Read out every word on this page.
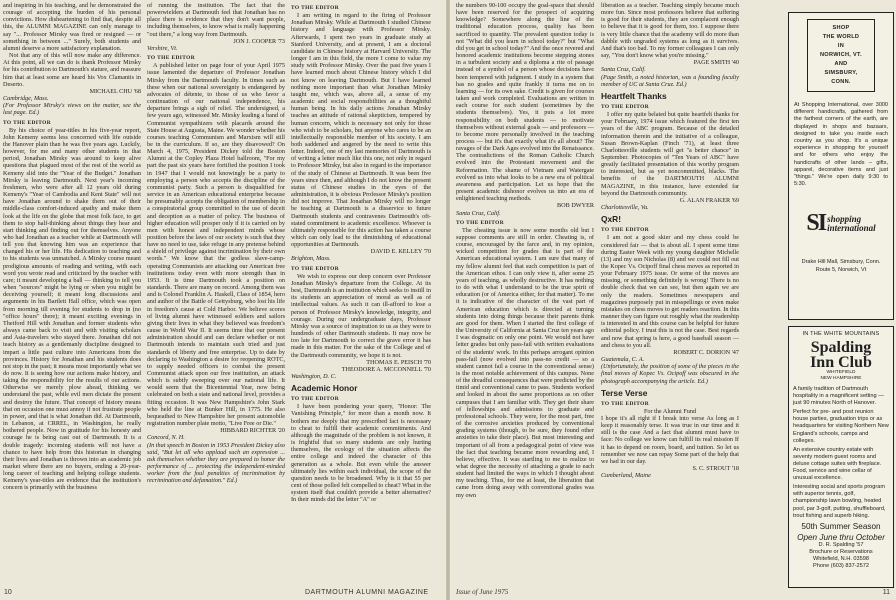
and inspiring in his teaching, and he demonstrated the courage of accepting the burden of his personal convictions. How disheartening to find that, despite all this, the ALUMNI MAGAZINE can only manage to say "... Professor Mirsky was fired or resigned — or something in between ..." Surely, both students and alumni deserve a more satisfactory explanation.

Not that any of this will now make any difference. At this point, all we can do is thank Professor Mirsky for his contribution to Dartmouth's stature, and reassure him that at least some are heard his Vox Clamantis in Deserto.

MICHAEL CHU '68

Cambridge, Mass.

(For Professor Mirsky's views on the matter, see the last page. Ed.)

TO THE EDITOR

By his choice of year-titles in his five-year report, John Kemeny seems less concerned with life outside the Hanover plain than he was five years ago. Luckily, however, for me and many other students in that period, Jonathan Mirsky was around to keep alive questions that plagued most of the rest of the world as Kemeny slid into the "Year of the Budget." Jonathan Mirsky is leaving Dartmouth. Next year's incoming freshmen, who were after all 12 years old during Kemeny's "Year of Cambodia and Kent State" will not have Jonathan around to shake them out of their middle-class comfort-induced apathy and make them look at the life on the globe that most folk face, to get them to stop half-thinking about things they hear and start thinking and finding out for themselves. Anyone who had Jonathan as a teacher while at Dartmouth will tell you that knowing him was an experience that changed his or her life. His dedication to teaching and to his students was unmatched. A Mirsky course meant prodigious amounts of reading and writing, with each word you wrote read and criticized by the teacher with care; it meant developing a ball — thinking to tell you when "sources" might be lying or when you might be deceiving yourself; it meant long discussions and arguments in his Bartlett Hall office, which was open from morning till evening for students to drop in (no "office hours" there); it meant exciting evenings in Thetford Hill with Jonathan and former students who always came back to visit and with visiting scholars and Asia-travelers who stayed there. Jonathan did not teach history as a gentlemanly discipline designed to impart a little past culture into Americans from the provinces. History for Jonathan and his students does not stop in the past; it means most importantly what we do now. It is seeing how our actions make history, and taking the responsibility for the results of our actions. Otherwise we merely plow ahead, thinking we understand the past, while evil men dictate the present and destroy the future. That concept of history means that on occasion one must annoy if not frustrate people in power, and that is what Jonathan did. At Dartmouth, in Lebanon, at CRREL, in Washington, he really bothered people. Now in gratitude for his honesty and courage he is being cast out of Dartmouth. It is a double tragedy: incoming students will not have a chance to have help from this historian in changing their lives and Jonathan is thrown into an academic job market where there are no buyers, ending a 20-year-long career of teaching and helping college students. Kemeny's year-titles are evidence that the institution's concern is primarily with the business

of running the institution. The fact that the powerwielders at Dartmouth feel that Jonathan has no place there is evidence that they don't want people, including themselves, to know what is really happening "out there," a long way from Dartmouth.

JON J. COOPER '73

Vershire, Vt.

TO THE EDITOR

A published letter on page four of your April 1975 issue lamented the departure of Professor Jonathan Mirsky from the Dartmouth faculty. In times such as these when our national sovereignty is endangered by advocates of détente, to those of us who favor a continuation of our national independence, his departure brings a sigh of relief. The undersigned, a few years ago, witnessed Mr. Mirsky leading a band of Communist sympathizers with placards around the State House at Augusta, Maine. We wonder whether his courses teaching Communism and Marxism will still be in the curriculum. If so, are they disavowed? On March 4, 1975, President Dickey told the Boston Alumni at the Copley Plaza Hotel ballroom, "For my part the past six years have fortified the position I took in 1947 that I would not knowingly be a party to employing a person who accepts the discipline of the communist party. Such a person is disqualified for service in an American educational enterprise because he presumably accepts the obligation of membership in a conspiratorial group committed to the use of deceit and deception as a matter of policy. The business of higher education will prosper only if it is carried on by men with honest and independent minds whose position before the laws of our society is such that they have no need to use, take refuge in any pretense behind a shield of privilege against incrimination by their own words." We know that the godless slave-camp-operating Communists are attacking our American free institutions today even with more strength than in 1953. It is time Dartmouth took a position on standards. There are many on record. Among them was and is Colonel Franklin A. Haskell, Class of 1854, hero and author of the Battle of Gettysburg, who lost his life in freedom's cause at Cold Harbor. We believe scores of living alumni have witnessed soldiers and sailors giving their lives in what they believed was freedom's cause in World War II. It seems time that our present administration should and can declare whether or not Dartmouth intends to maintain such tried and just standards of liberty and free enterprise. Up to date by declaring to Washington a desire for reopening ROTC, to supply needed officers to combat the present Communist attack upon our free institution, an attack which is subtly sweeping over our national life. It would seem that the Bicentennial Year, now being celebrated on both a state and national level, provides a fitting occasion. It was New Hampshire's John Stark who held the line at Bunker Hill, in 1775. He also bequeathed to New Hampshire her present automobile registration number plate motto, "Live Free or Die."

HIBBARD RICHTER '20

Concord, N. H.

(In that speech in Boston in 1953 President Dickey also said, "But let all who applaud such an expression ... ask themselves whether they are prepared to honor the performance of ... protecting the independent-minded worker from the foul penalties of incrimination by recrimination and defamation." Ed.)

TO THE EDITOR

I am writing in regard to the firing of Professor Jonathan Mirsky. While at Dartmouth I studied Chinese history and language with Professor Mirsky. Afterwards, I spent two years in graduate study at Stanford University, and at present, I am a doctoral candidate in Chinese history at Harvard University. The longer I am in this field, the more I come to value my study with Professor Mirsky. Over the past five years I have learned much about Chinese history which I did not know on leaving Dartmouth. But I have learned nothing more important than what Jonathan Mirsky taught me, which was, above all, a sense of my academic and social responsibilities as a thoughtful human being. In his daily actions Jonathan Mirsky teaches an attitude of rational skepticism, tempered by human concern, which is necessary not only for those who wish to be scholars, but anyone who cares to be an intellectually responsible member of his society. I am both saddened and angered by the need to write this letter. Indeed, one of my last memories of Dartmouth is of writing a letter much like this one, not only in regard to Professor Mirsky, but also in regard to the importance of the study of Chinese at Dartmouth. It was been five years since then, and although I do not know the present status of Chinese studies in the eyes of the administration, it is obvious Professor Mirsky's position did not improve. That Jonathan Mirsky will no longer be teaching at Dartmouth is a disservice to future Dartmouth students and contravenes Dartmouth's oft-stated commitment to academic excellence. Whoever is ultimately responsible for this action has taken a course which can only lead to the diminishing of educational opportunities at Dartmouth.

DAVID E. KELLEY '70

Brighton, Mass.

TO THE EDITOR

We wish to express our deep concern over Professor Jonathan Mirsky's departure from the College. At its best, Dartmouth is an institution which seeks to instill in its students an appreciation of moral as well as of intellectual values. As such it can ill-afford to lose a person of Professor Mirsky's knowledge, integrity, and courage. During our undergraduate days, Professor Mirsky was a source of inspiration to us as they were to hundreds of other Dartmouth students. It may now be too late for Dartmouth to correct the grave error it has made in this matter. For the sake of the College and of the Dartmouth community, we hope it is not.

THOMAS E. PEISCH '70

THEODORE A. MCCONNELL '70

Washington, D. C.

Academic Honor

TO THE EDITOR

I have been pondering your query, "Honor: The Vanishing Principle," for more than a month now. It bothers me deeply that my prescribed fact is necessary to cheat to fulfill their academic commitments. And although the magnitude of the problem is not known, it is frightful that so many students are only hurting themselves, the ecology of the situation affects the entire college and indeed the character of this generation as a whole. But even while the answer ultimately lies within each individual, the scope of the question needs to be broadened. Why is it that 55 per cent of those polled felt compelled to cheat? What in the system itself that couldn't provide a better alternative? In their minds did the letter "A" or

10	DARTMOUTH ALUMNI MAGAZINE

the numbers 90-100 occupy the goal-space that should have been reserved for the prospect of acquiring knowledge? Somewhere along the line of the traditional education process, quality has been sacrificed to quantity. The prevalent question today is not "What did you learn in school today?" but "What did you get in school today?" And the once revered and honored academic institutions become stepping stones in a turbulent society and a diploma a rite of passage instead of a symbol of a person whose decisions have been tempered with judgment. I study in a system that has no grades and quite frankly it turns me on to learning — for its own sake. Credit is given for courses taken and work completed. Evaluations are written in each course for each student (sometimes by the students themselves). Yes, it puts a lot more responsibility on both students — to motivate themselves without external goals — and professors — to become more personally involved in the teaching process — but it's that exactly what it's all about? The ravages of the Dark Ages evolved into the Renaissance. The contradictions of the Roman Catholic Church evolved into the Protestant movement and the Reformation. The shame of Vietnam and Watergate evolved us into what looks to be a new era of political awareness and participation. Let us hope that the present academic dishonor evolves us into an era of enlightened teaching methods.

BOB DWYER

Santa Cruz, Calif.

TO THE EDITOR

The cheating issue is now some months old but I suppose comments are still in order. Cheating is, of course, encouraged by the farce and, in my opinion, wicked competition for grades that is part of the American educational system. I am sure that many of my fellow alumni feel that such competition is part of the American ethos. I can only view it, after some 25 years of teaching, as wholly destructive. It has nothing to do with what I understand to be the true spirit of education (or of America either, for that matter). To me it is indicative of the character of the vast part of American education which is directed at turning students into doing things because their parents think are good for them. When I started the first college of the University of California at Santa Cruz ten years ago I was dogmatic on only one point. We would not have letter grades but only pass-fail with written evaluations of the students' work. In this perhaps arrogant opinion pass-fail (now evolved into pass-no credit — so a student cannot fail a course in the conventional sense) is the most notable achievement of this campus. None of the dreadful consequences that were predicted by the timid and conventional came to pass. Students worked and looked in about the same proportions as on other campuses that I am familiar with. They get their share of fellowships and admissions to graduate and professional schools. They were, for the most part, free of the corrosive anxieties produced by conventional grading systems (though, to be sure, they found other anxieties to take their place). But most interesting and important of all from a pedagogical point of view was the fact that teaching became more rewarding and, I believe, effective. It was startling to me to realize to what degree the necessity of attaching a grade to each student had limited the ways in which I thought about my teaching. Thus, for me at least, the liberation that came from doing away with conventional grades was my own

liberation as a teacher. Teaching simply became much more fun. Since most professors believe that suffering is good for their students, they are complacent enough to believe that it is good for them, too. I suppose there is very little chance that the academy will do more than dabble with ungraded systems as long as it survives. And that's too bad. To my former colleagues I can only say, "You don't know what you're missing."

PAGE SMITH '40

Santa Cruz, Calif.

(Page Smith, a noted historian, was a founding faculty member of UC at Santa Cruz. Ed.)

Heartfelt Thanks

TO THE EDITOR

I offer my quite belated but quite heartfelt thanks for your February, 1974 issue which featured the first ten years of the ABC program. Because of the detailed information therein and the initiative of a colleague, Susan Brown-Kaplan (Finch '71), at least three Charlottesville students will get "a better chance" in September. Photocopies of "Ten Years of ABC" have greatly facilitated presentation of this worthy program to interested, but as yet noncommitted, blacks. The benefits of the DARTMOUTH ALUMNI MAGAZINE, in this instance, have extended far beyond the Dartmouth community.

G. ALAN FRAKER '69

Charlottesville, Va.

QxR!

TO THE EDITOR

I am not a good skier and my chess could be considered fair — that is about all. I spent some time during Easter Week with my young daughter Michelle (13) and my son Nicholas (8) and we could not fill out the Kopec Vs. Ocipoff final chess moves as reported in your February 1975 issue. Or some of the moves are missing, or something definitely is wrong! There is no double check that we can see, but then again we are only the readers. Sometimes newspapers and magazines purposely put in misspellings or even make mistakes on chess moves to get readers reaction. In this manner they can figure out roughly what the readership is interested in and this course can be helpful for future editorial policy. I trust this is not the case. Best regards and now that spring is here, a good baseball season — and chess to you all.

ROBERT C. DORION '47

Guatemala, C. A.

(Unfortunately, the position of some of the pieces in the final moves of Kopec Vs. Ocipoff was obscured in the photograph accompanying the article. Ed.)

Terse Verse

TO THE EDITOR

For the Alumni Fund

I hope it's all right if I break into verse As long as I keep it reasonably terse. It was true in our time and it still is the case And a fact that alumni must have to face: No college we know can fulfill its real mission If it has to depend on room, board, and tuition. So let us remember we now can repay Some part of the help that we had in our day.

S. C. STROUT '18

Cumberland, Maine

SHOP
THE WORLD
IN
NORWICH, VT.
AND
SIMSBURY,
CONN.
At Shopping International, over 3000 different handicrafts, gathered from the farthest corners of the earth, are displayed in shops and bazaars, designed to take you inside each country as you shop. It's a unique experience in shopping for yourself and for others who enjoy the handicrafts of other lands – gifts, apparel, decorative items and just "things." We're open daily 9:30 to 5:30.
SI shopping
international
Drake Hill Mall, Simsbury, Conn.
Route 5, Norwich, Vt
IN THE WHITE MOUNTAINS
Spalding
Inn Club
WHITEFIELD
NEW HAMPSHIRE

A family tradition of Dartmouth hospitality in a magnificent setting — just 90 minutes North of Hanover.

Perfect for pre- and post reunion house parties, graduation trips or as headquarters for visiting Northern New England's schools, camps and colleges.

An extensive country estate with seventy modern guest rooms and deluxe cottage suites with fireplace. Food, service and wine cellar of unusual excellence.

Interesting social and sports program with superior tennis, golf, championship lawn bowling, heated pool, par 3-golf, putting, shuffleboard, trout fishing and superb hiking.

50th Summer Season
Open June thru October
D. R. Spalding '57
Brochure or Reservations
Whitefield, N.H. 03598
Phone (603) 837-2572
Issue of June 1975	11
